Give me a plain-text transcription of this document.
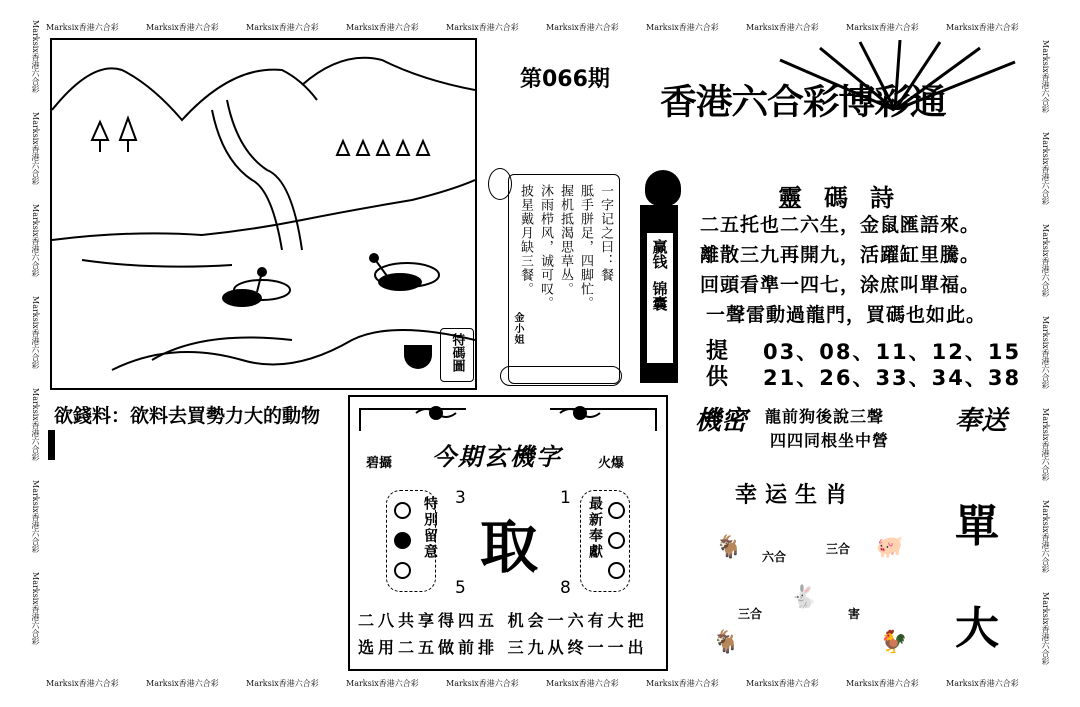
特碼圖
第066期
香港六合彩博彩通
一字记之曰：餐
胝手胼足，四脚忙。
握机抵渴思草丛。
沐雨栉风，诚可叹。
披星戴月缺三餐。
金小姐
赢钱
锦囊
靈碼詩
二五托也二六生，金鼠匯語來。
離散三九再開九，活躍缸里騰。
回頭看準一四七，涂庶叫單福。
一聲雷動過龍門，買碼也如此。
提
供
03、08、11、12、15
21、26、33、34、38
欲錢料：欲料去買勢力大的動物
碧攝 今期玄機字	火爆
取
3	1
5	8
特別留意	最新奉獻
二八共享得四五 机会一六有大把
选用二五做前排 三九从终一一出
機密 龍前狗後說三聲
四四同根坐中營
奉送
幸运生肖
🐐 六合
三合 🐖
三合
🐇
害
🐐	🐓
單
大
Marksix香港六合彩
Marksix香港六合彩
Marksix香港六合彩
Marksix香港六合彩
Marksix香港六合彩
Marksix香港六合彩
Marksix香港六合彩
Marksix香港六合彩
Marksix香港六合彩
Marksix香港六合彩
Marksix香港六合彩
Marksix香港六合彩
Marksix香港六合彩
Marksix香港六合彩
Marksix香港六合彩
Marksix香港六合彩
Marksix香港六合彩
Marksix香港六合彩
Marksix香港六合彩
Marksix香港六合彩
Marksix香港六合彩	Marksix香港六合彩
Marksix香港六合彩	Marksix香港六合彩
Marksix香港六合彩	Marksix香港六合彩
Marksix香港六合彩	Marksix香港六合彩
Marksix香港六合彩	Marksix香港六合彩
Marksix香港六合彩	Marksix香港六合彩
Marksix香港六合彩	Marksix香港六合彩
